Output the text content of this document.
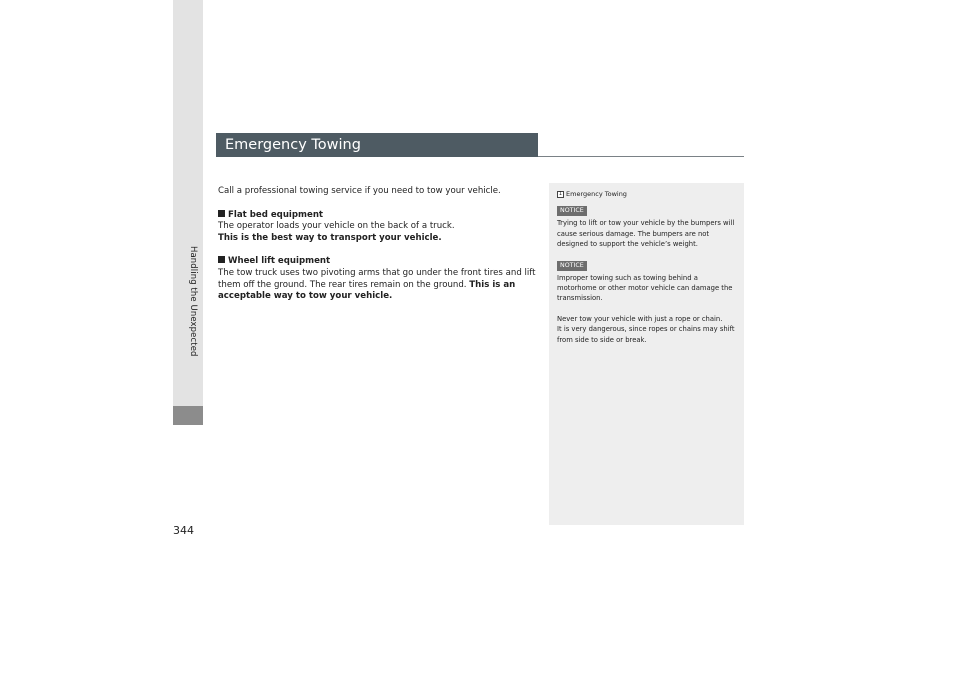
Handling the Unexpected
344
Emergency Towing

Call a professional towing service if you need to tow your vehicle.

Flat bed equipment

The operator loads your vehicle on the back of a truck.

This is the best way to transport your vehicle.

Wheel lift equipment

The tow truck uses two pivoting arms that go under the front tires and lift them off the ground. The rear tires remain on the ground. This is an acceptable way to tow your vehicle.

1 Emergency Towing
NOTICE

Trying to lift or tow your vehicle by the bumpers will cause serious damage. The bumpers are not designed to support the vehicle’s weight.

NOTICE

Improper towing such as towing behind a motorhome or other motor vehicle can damage the transmission.

Never tow your vehicle with just a rope or chain.

It is very dangerous, since ropes or chains may shift from side to side or break.
